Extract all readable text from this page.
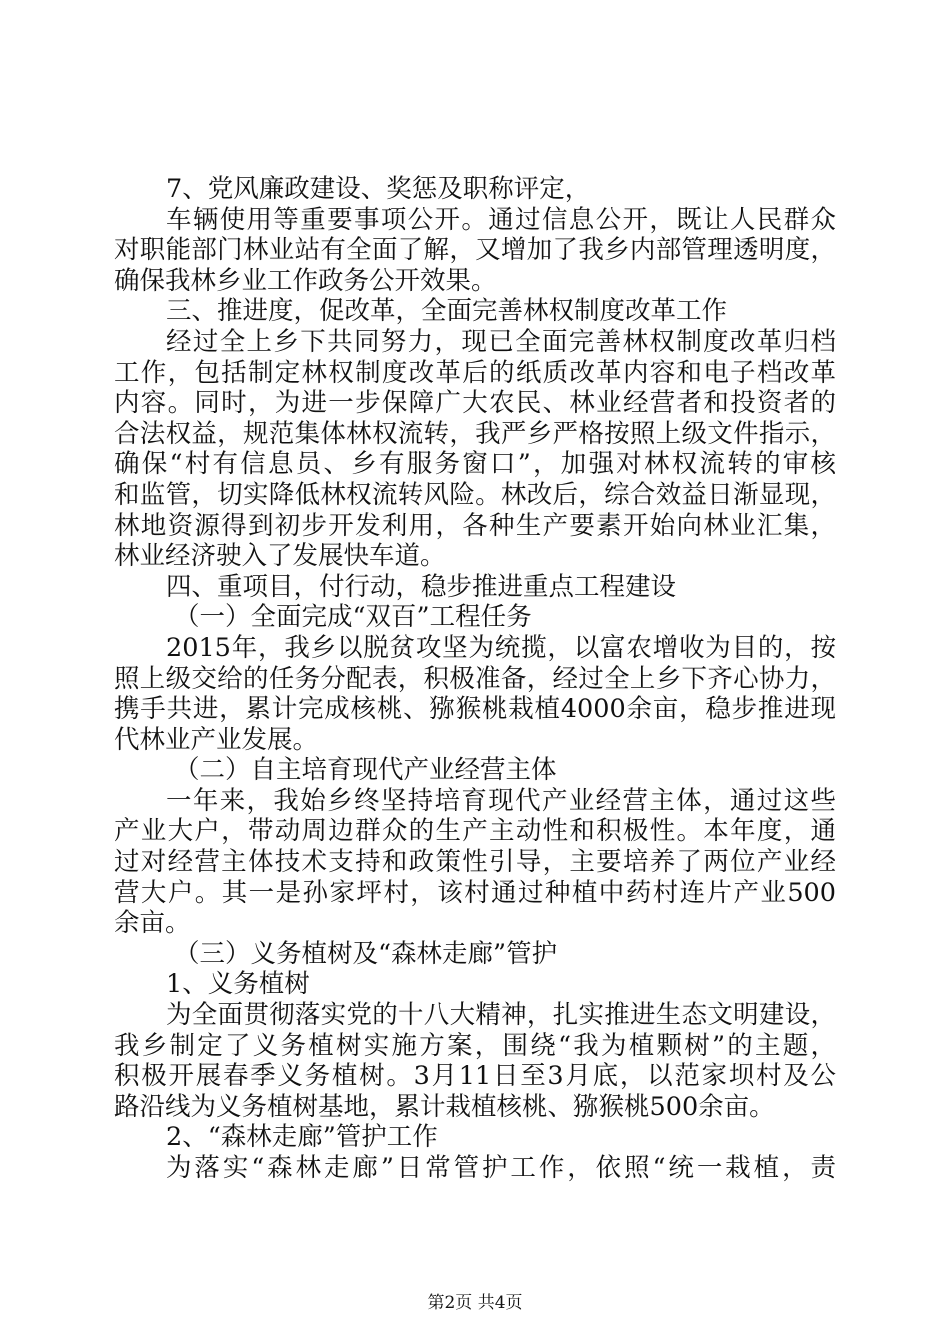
7、党风廉政建设、奖惩及职称评定，
车辆使用等重要事项公开。通过信息公开，既让人民群众
对职能部门林业站有全面了解，又增加了我乡内部管理透明度，
确保我林乡业工作政务公开效果。
三、推进度，促改革，全面完善林权制度改革工作
经过全上乡下共同努力，现已全面完善林权制度改革归档
工作，包括制定林权制度改革后的纸质改革内容和电子档改革
内容。同时，为进一步保障广大农民、林业经营者和投资者的
合法权益，规范集体林权流转，我严乡严格按照上级文件指示，
确保“村有信息员、乡有服务窗口”，加强对林权流转的审核
和监管，切实降低林权流转风险。林改后，综合效益日渐显现，
林地资源得到初步开发利用，各种生产要素开始向林业汇集，
林业经济驶入了发展快车道。
四、重项目，付行动，稳步推进重点工程建设
（一）全面完成“双百”工程任务
2015年，我乡以脱贫攻坚为统揽，以富农增收为目的，按
照上级交给的任务分配表，积极准备，经过全上乡下齐心协力，
携手共进，累计完成核桃、猕猴桃栽植4000余亩，稳步推进现
代林业产业发展。
（二）自主培育现代产业经营主体
一年来，我始乡终坚持培育现代产业经营主体，通过这些
产业大户，带动周边群众的生产主动性和积极性。本年度，通
过对经营主体技术支持和政策性引导，主要培养了两位产业经
营大户。其一是孙家坪村，该村通过种植中药村连片产业500
余亩。
（三）义务植树及“森林走廊”管护
1、义务植树
为全面贯彻落实党的十八大精神，扎实推进生态文明建设，
我乡制定了义务植树实施方案，围绕“我为植颗树”的主题，
积极开展春季义务植树。3月11日至3月底，以范家坝村及公
路沿线为义务植树基地，累计栽植核桃、猕猴桃500余亩。
2、“森林走廊”管护工作
为落实“森林走廊”日常管护工作，依照“统一栽植，责
第2页 共4页
